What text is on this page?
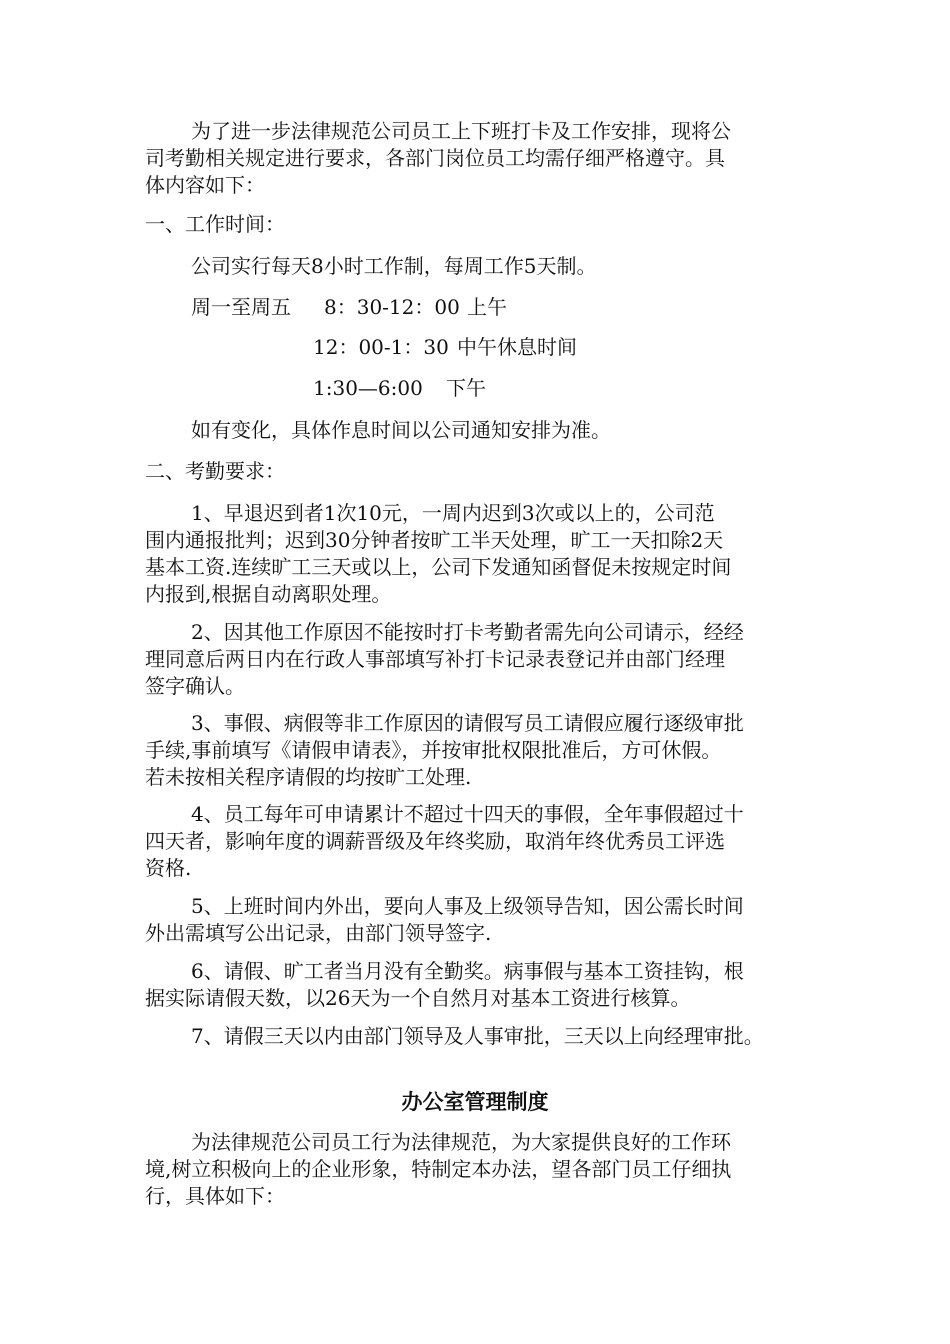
为了进一步法律规范公司员工上下班打卡及工作安排，现将公
司考勤相关规定进行要求，各部门岗位员工均需仔细严格遵守。具
体内容如下：
一、工作时间：
公司实行每天8小时工作制，每周工作5天制。
周一至周五 8：30-12：00 上午
12：00-1：30 中午休息时间
1:30—6:00 下午
如有变化，具体作息时间以公司通知安排为准。
二、考勤要求：
1、早退迟到者1次10元，一周内迟到3次或以上的，公司范
围内通报批判；迟到30分钟者按旷工半天处理，旷工一天扣除2天
基本工资.连续旷工三天或以上，公司下发通知函督促未按规定时间
内报到,根据自动离职处理。
2、因其他工作原因不能按时打卡考勤者需先向公司请示，经经
理同意后两日内在行政人事部填写补打卡记录表登记并由部门经理
签字确认。
3、事假、病假等非工作原因的请假写员工请假应履行逐级审批
手续,事前填写《请假申请表》，并按审批权限批准后，方可休假。
若未按相关程序请假的均按旷工处理.
4、员工每年可申请累计不超过十四天的事假，全年事假超过十
四天者，影响年度的调薪晋级及年终奖励，取消年终优秀员工评选
资格.
5、上班时间内外出，要向人事及上级领导告知，因公需长时间
外出需填写公出记录，由部门领导签字.
6、请假、旷工者当月没有全勤奖。病事假与基本工资挂钩，根
据实际请假天数，以26天为一个自然月对基本工资进行核算。
7、请假三天以内由部门领导及人事审批，三天以上向经理审批。
办公室管理制度
为法律规范公司员工行为法律规范，为大家提供良好的工作环
境,树立积极向上的企业形象，特制定本办法，望各部门员工仔细执
行，具体如下：
